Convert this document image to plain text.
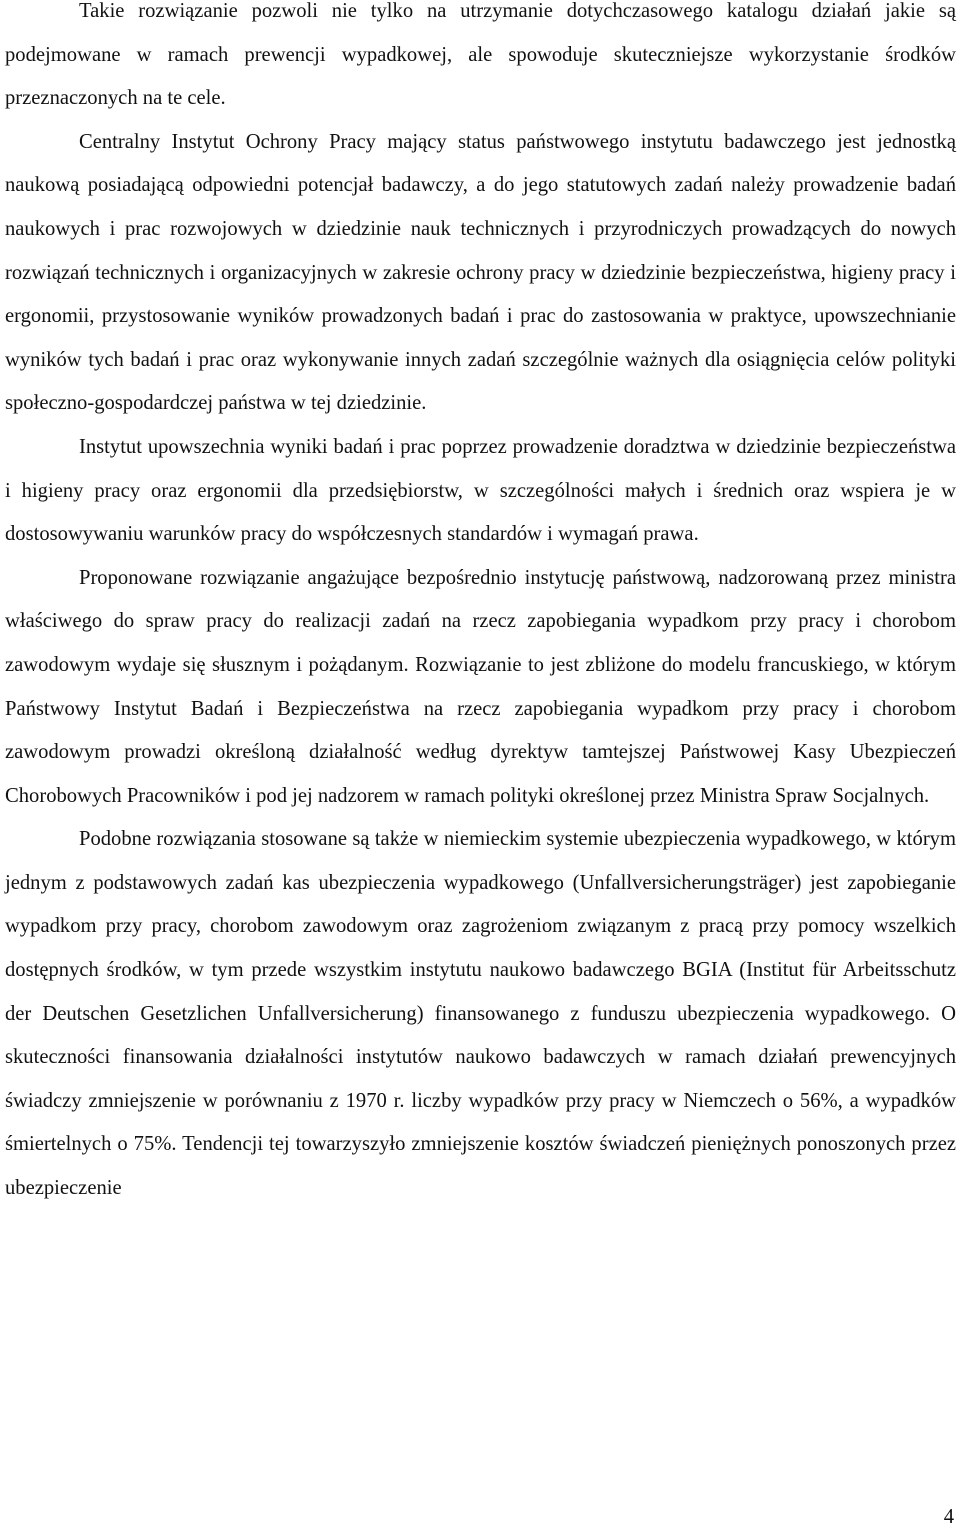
Takie rozwiązanie pozwoli nie tylko na utrzymanie dotychczasowego katalogu działań jakie są podejmowane w ramach prewencji wypadkowej, ale spowoduje skuteczniejsze wykorzystanie środków przeznaczonych na te cele.

Centralny Instytut Ochrony Pracy mający status państwowego instytutu badawczego jest jednostką naukową posiadającą odpowiedni potencjał badawczy, a do jego statutowych zadań należy prowadzenie badań naukowych i prac rozwojowych w dziedzinie nauk technicznych i przyrodniczych prowadzących do nowych rozwiązań technicznych i organizacyjnych w zakresie ochrony pracy w dziedzinie bezpieczeństwa, higieny pracy i ergonomii, przystosowanie wyników prowadzonych badań i prac do zastosowania w praktyce, upowszechnianie wyników tych badań i prac oraz wykonywanie innych zadań szczególnie ważnych dla osiągnięcia celów polityki społeczno-gospodardczej państwa w tej dziedzinie.

Instytut upowszechnia wyniki badań i prac poprzez prowadzenie doradztwa w dziedzinie bezpieczeństwa i higieny pracy oraz ergonomii dla przedsiębiorstw, w szczególności małych i średnich oraz wspiera je w dostosowywaniu warunków pracy do współczesnych standardów i wymagań prawa.

Proponowane rozwiązanie angażujące bezpośrednio instytucję państwową, nadzorowaną przez ministra właściwego do spraw pracy do realizacji zadań na rzecz zapobiegania wypadkom przy pracy i chorobom zawodowym wydaje się słusznym i pożądanym. Rozwiązanie to jest zbliżone do modelu francuskiego, w którym Państwowy Instytut Badań i Bezpieczeństwa na rzecz zapobiegania wypadkom przy pracy i chorobom zawodowym prowadzi określoną działalność według dyrektyw tamtejszej Państwowej Kasy Ubezpieczeń Chorobowych Pracowników i pod jej nadzorem w ramach polityki określonej przez Ministra Spraw Socjalnych.

Podobne rozwiązania stosowane są także w niemieckim systemie ubezpieczenia wypadkowego, w którym jednym z podstawowych zadań kas ubezpieczenia wypadkowego (Unfallversicherungsträger) jest zapobieganie wypadkom przy pracy, chorobom zawodowym oraz zagrożeniom związanym z pracą przy pomocy wszelkich dostępnych środków, w tym przede wszystkim instytutu naukowo badawczego BGIA (Institut für Arbeitsschutz der Deutschen Gesetzlichen Unfallversicherung) finansowanego z funduszu ubezpieczenia wypadkowego. O skuteczności finansowania działalności instytutów naukowo badawczych w ramach działań prewencyjnych świadczy zmniejszenie w porównaniu z 1970 r. liczby wypadków przy pracy w Niemczech o 56%, a wypadków śmiertelnych o 75%. Tendencji tej towarzyszyło zmniejszenie kosztów świadczeń pieniężnych ponoszonych przez ubezpieczenie

4
